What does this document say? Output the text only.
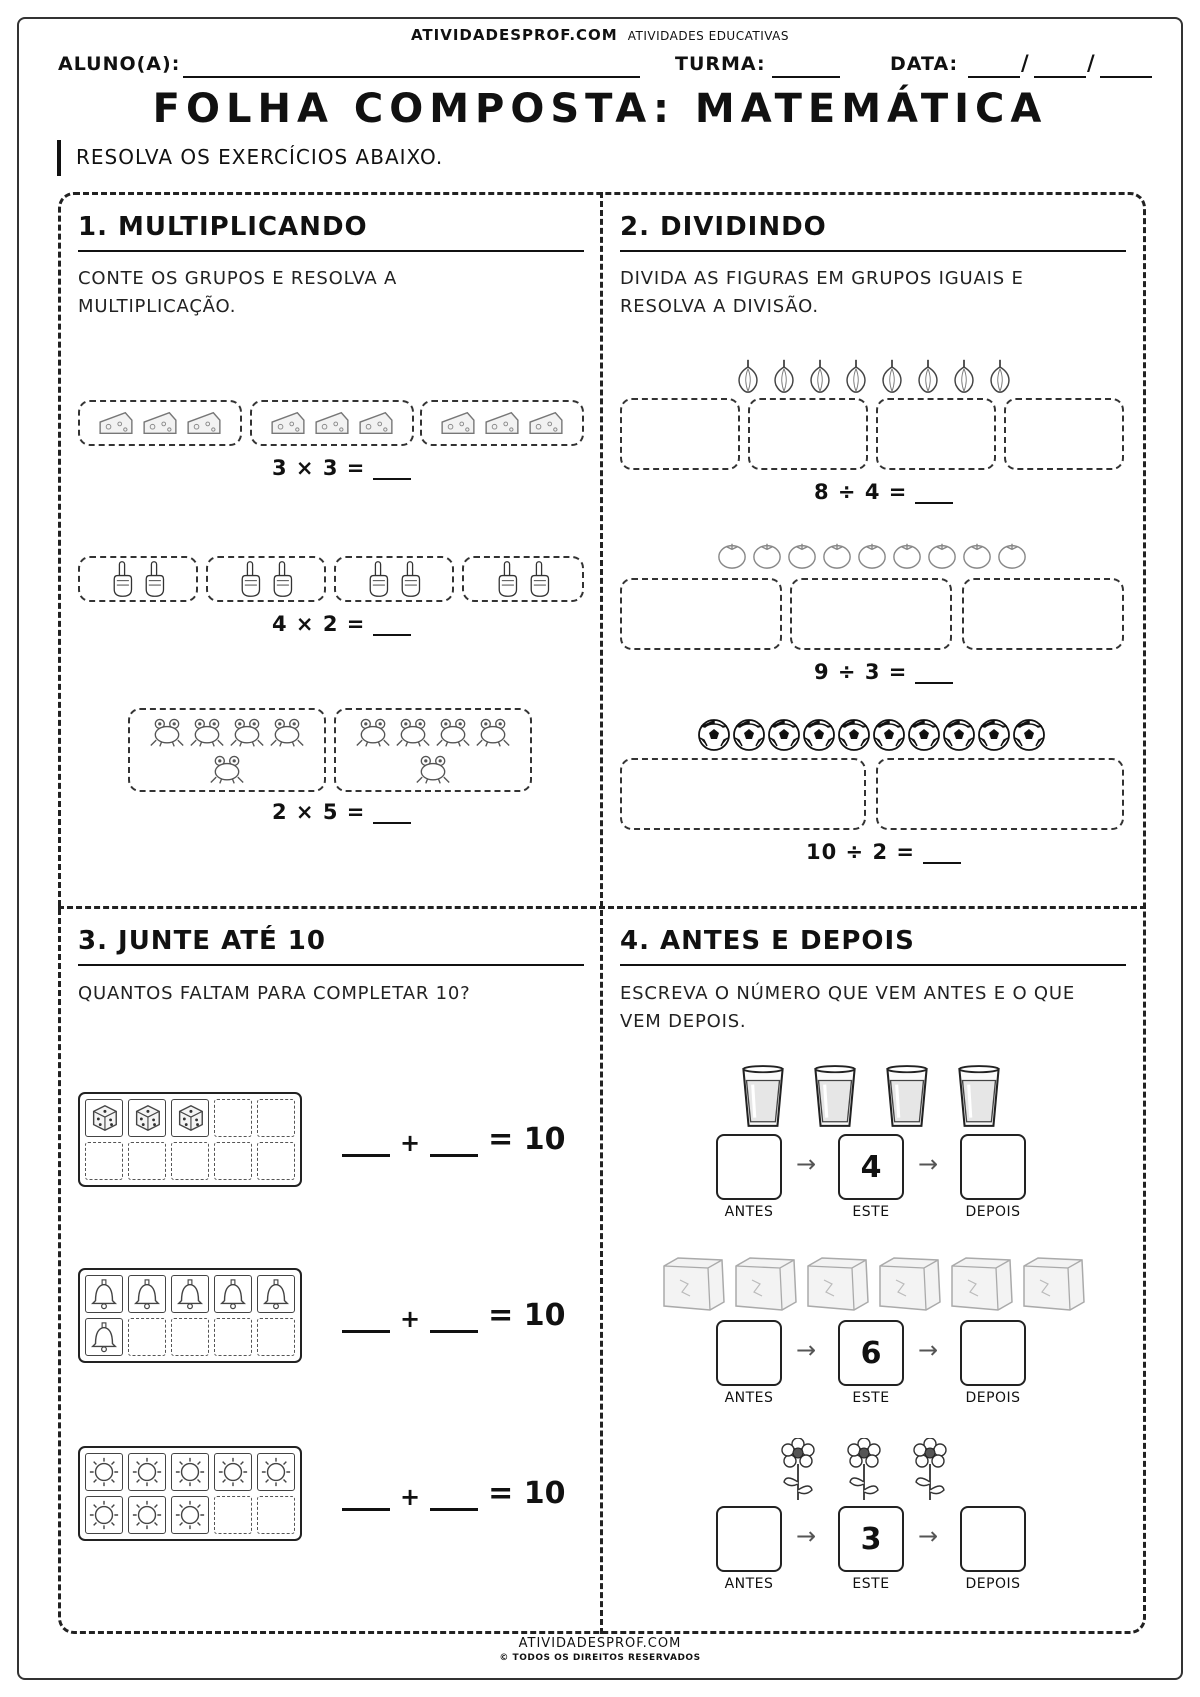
ATIVIDADESPROF.COM ATIVIDADES EDUCATIVAS
ALUNO(A):	TURMA:	DATA:	/	/
FOLHA COMPOSTA: MATEMÁTICA
RESOLVA OS EXERCÍCIOS ABAIXO.
1. MULTIPLICANDO
CONTE OS GRUPOS E RESOLVA A
MULTIPLICAÇÃO.
3 × 3 =
4 × 2 =
2 × 5 =
2. DIVIDINDO
DIVIDA AS FIGURAS EM GRUPOS IGUAIS E
RESOLVA A DIVISÃO.
8 ÷ 4 =
9 ÷ 3 =
10 ÷ 2 =
3. JUNTE ATÉ 10
QUANTOS FALTAM PARA COMPLETAR 10?
+ = 10
+ = 10
+ = 10
4. ANTES E DEPOIS
ESCREVA O NÚMERO QUE VEM ANTES E O QUE
VEM DEPOIS.
→	4	→
ANTES	ESTE	DEPOIS
→	6	→
ANTES	ESTE	DEPOIS
→	3	→
ANTES	ESTE	DEPOIS
ATIVIDADESPROF.COM
© TODOS OS DIREITOS RESERVADOS
